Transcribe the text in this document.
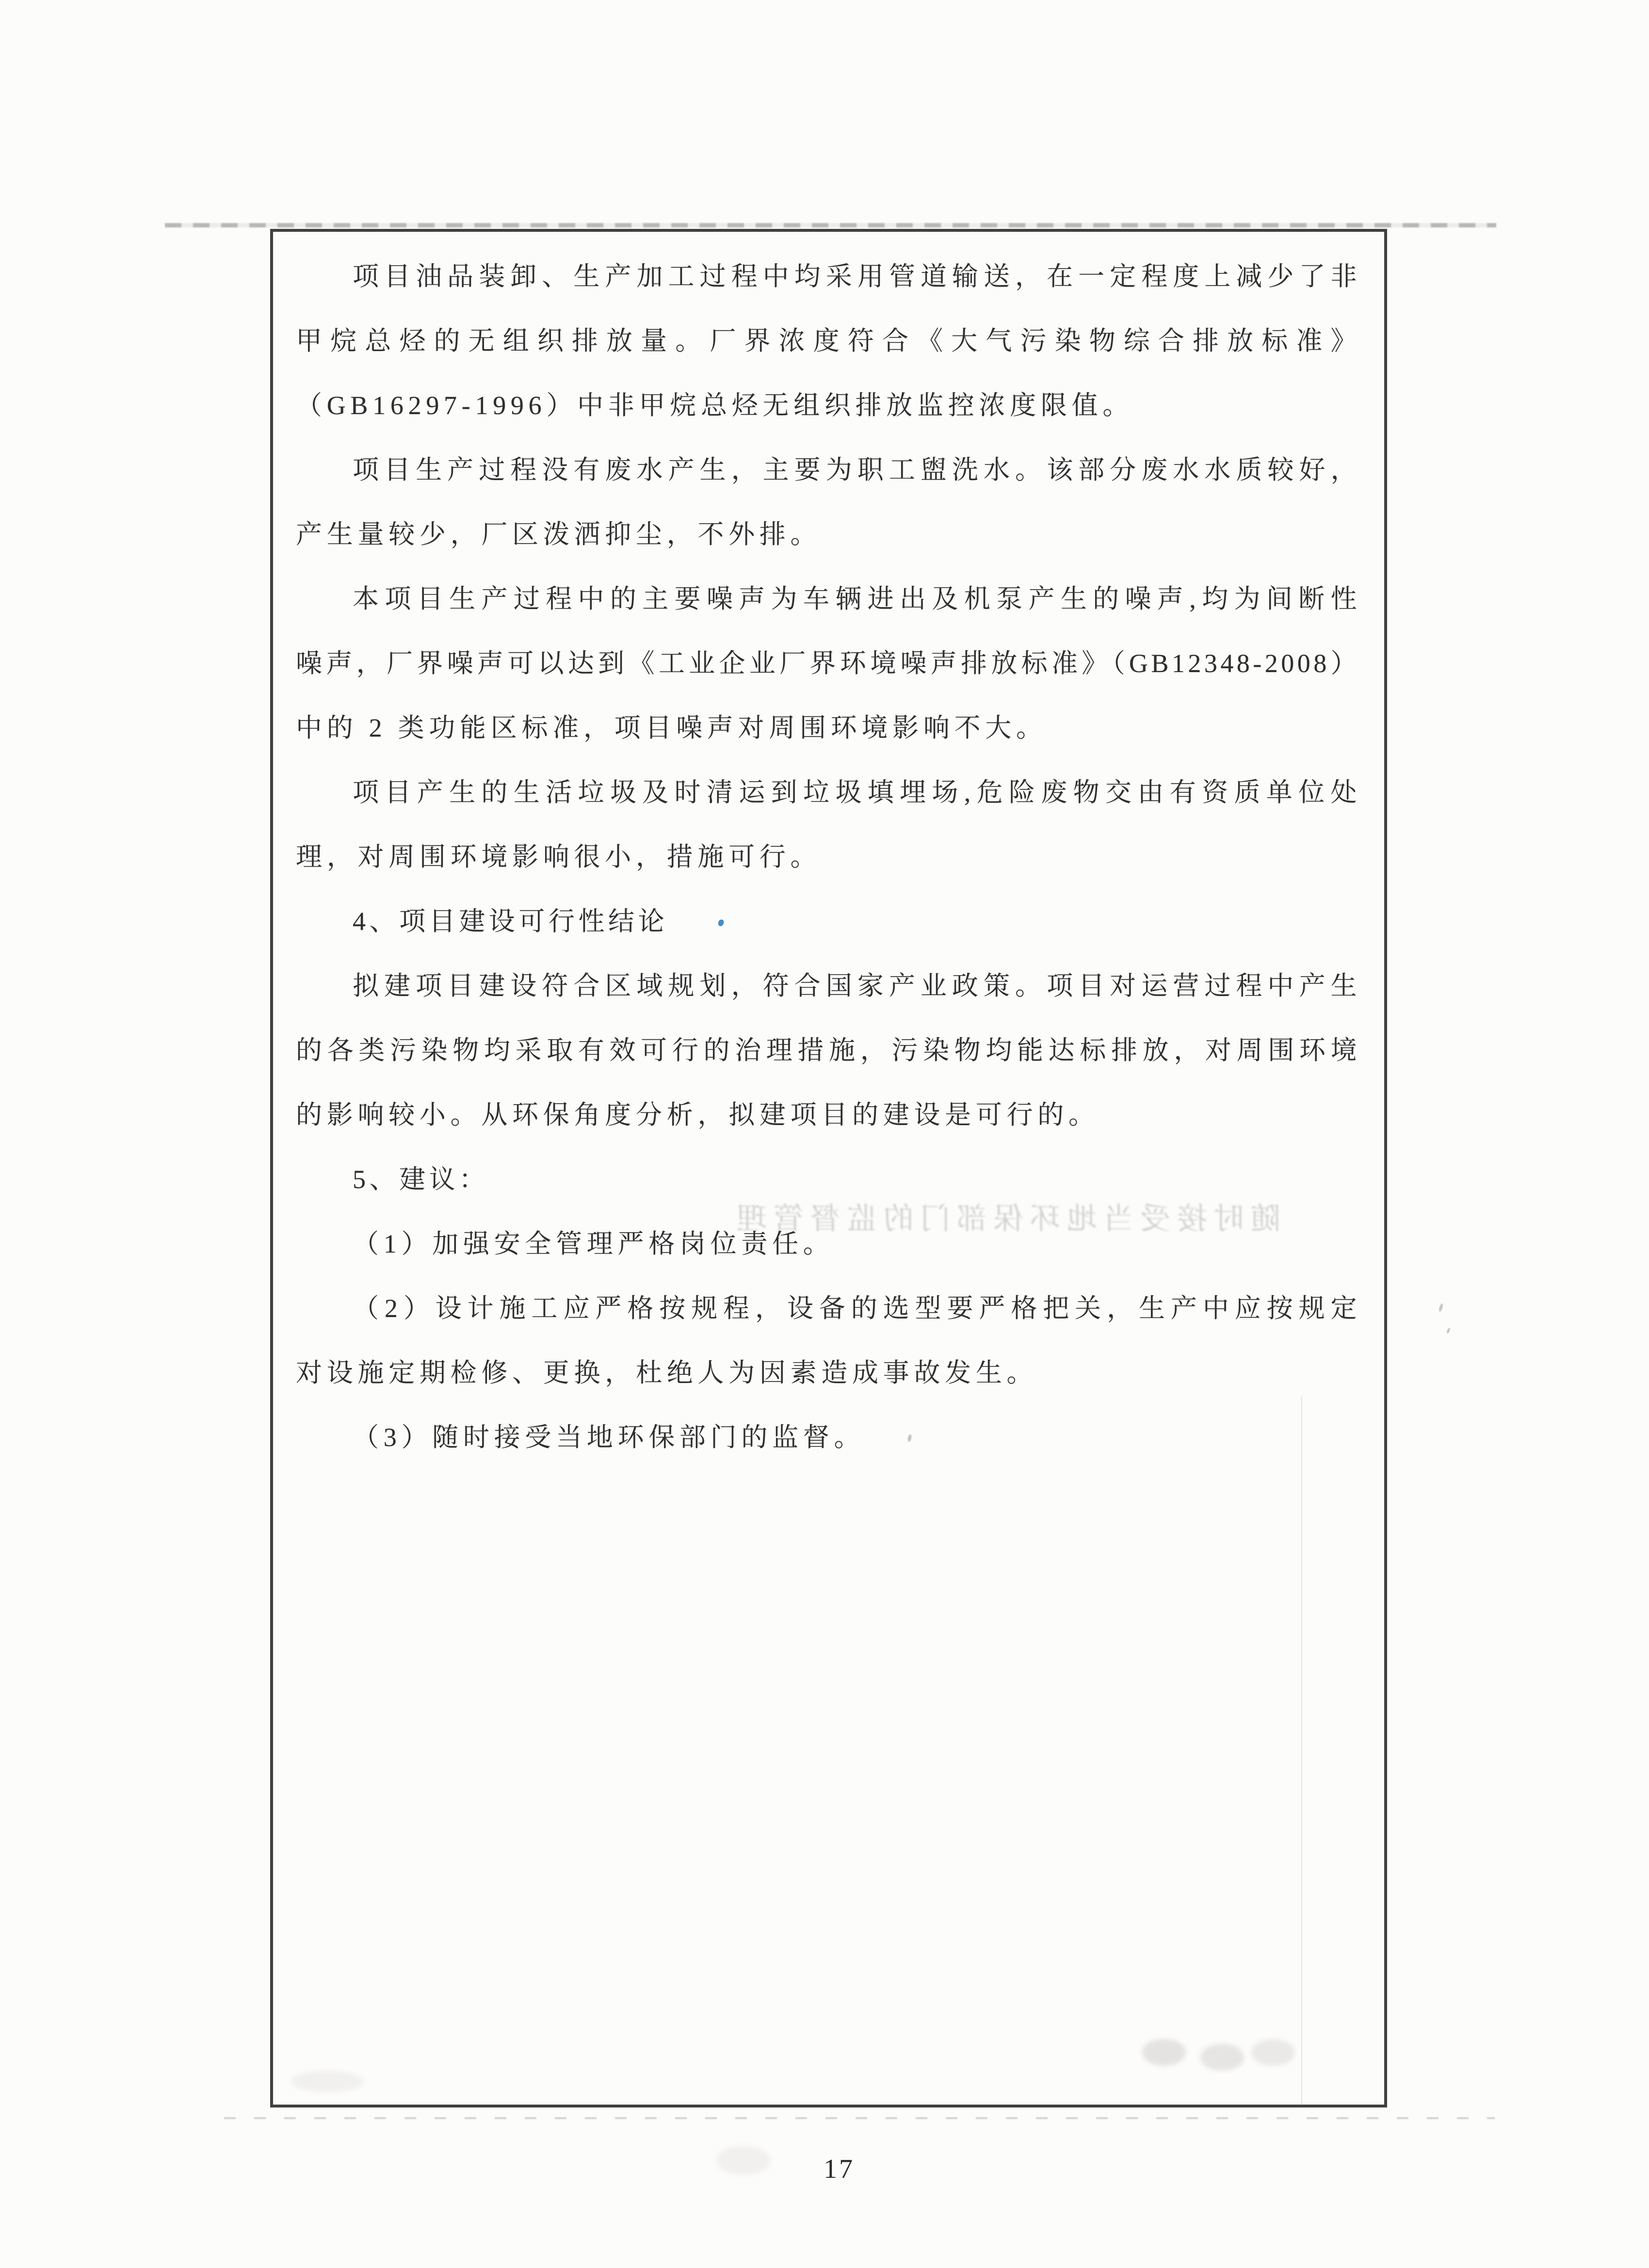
项目油品装卸、生产加工过程中均采用管道输送，在一定程度上减少了非
甲烷总烃的无组织排放量。厂界浓度符合《大气污染物综合排放标准》
（GB16297-1996）中非甲烷总烃无组织排放监控浓度限值。
项目生产过程没有废水产生，主要为职工盥洗水。该部分废水水质较好，
产生量较少，厂区泼洒抑尘，不外排。
本项目生产过程中的主要噪声为车辆进出及机泵产生的噪声,均为间断性
噪声，厂界噪声可以达到《工业企业厂界环境噪声排放标准》（GB12348-2008）
中的 2 类功能区标准，项目噪声对周围环境影响不大。
项目产生的生活垃圾及时清运到垃圾填埋场,危险废物交由有资质单位处
理，对周围环境影响很小，措施可行。
4、项目建设可行性结论
拟建项目建设符合区域规划，符合国家产业政策。项目对运营过程中产生
的各类污染物均采取有效可行的治理措施，污染物均能达标排放，对周围环境
的影响较小。从环保角度分析，拟建项目的建设是可行的。
5、建议：
（1）加强安全管理严格岗位责任。
（2）设计施工应严格按规程，设备的选型要严格把关，生产中应按规定
对设施定期检修、更换，杜绝人为因素造成事故发生。
（3）随时接受当地环保部门的监督。
随时接受当地环保部门的监督管理
17
